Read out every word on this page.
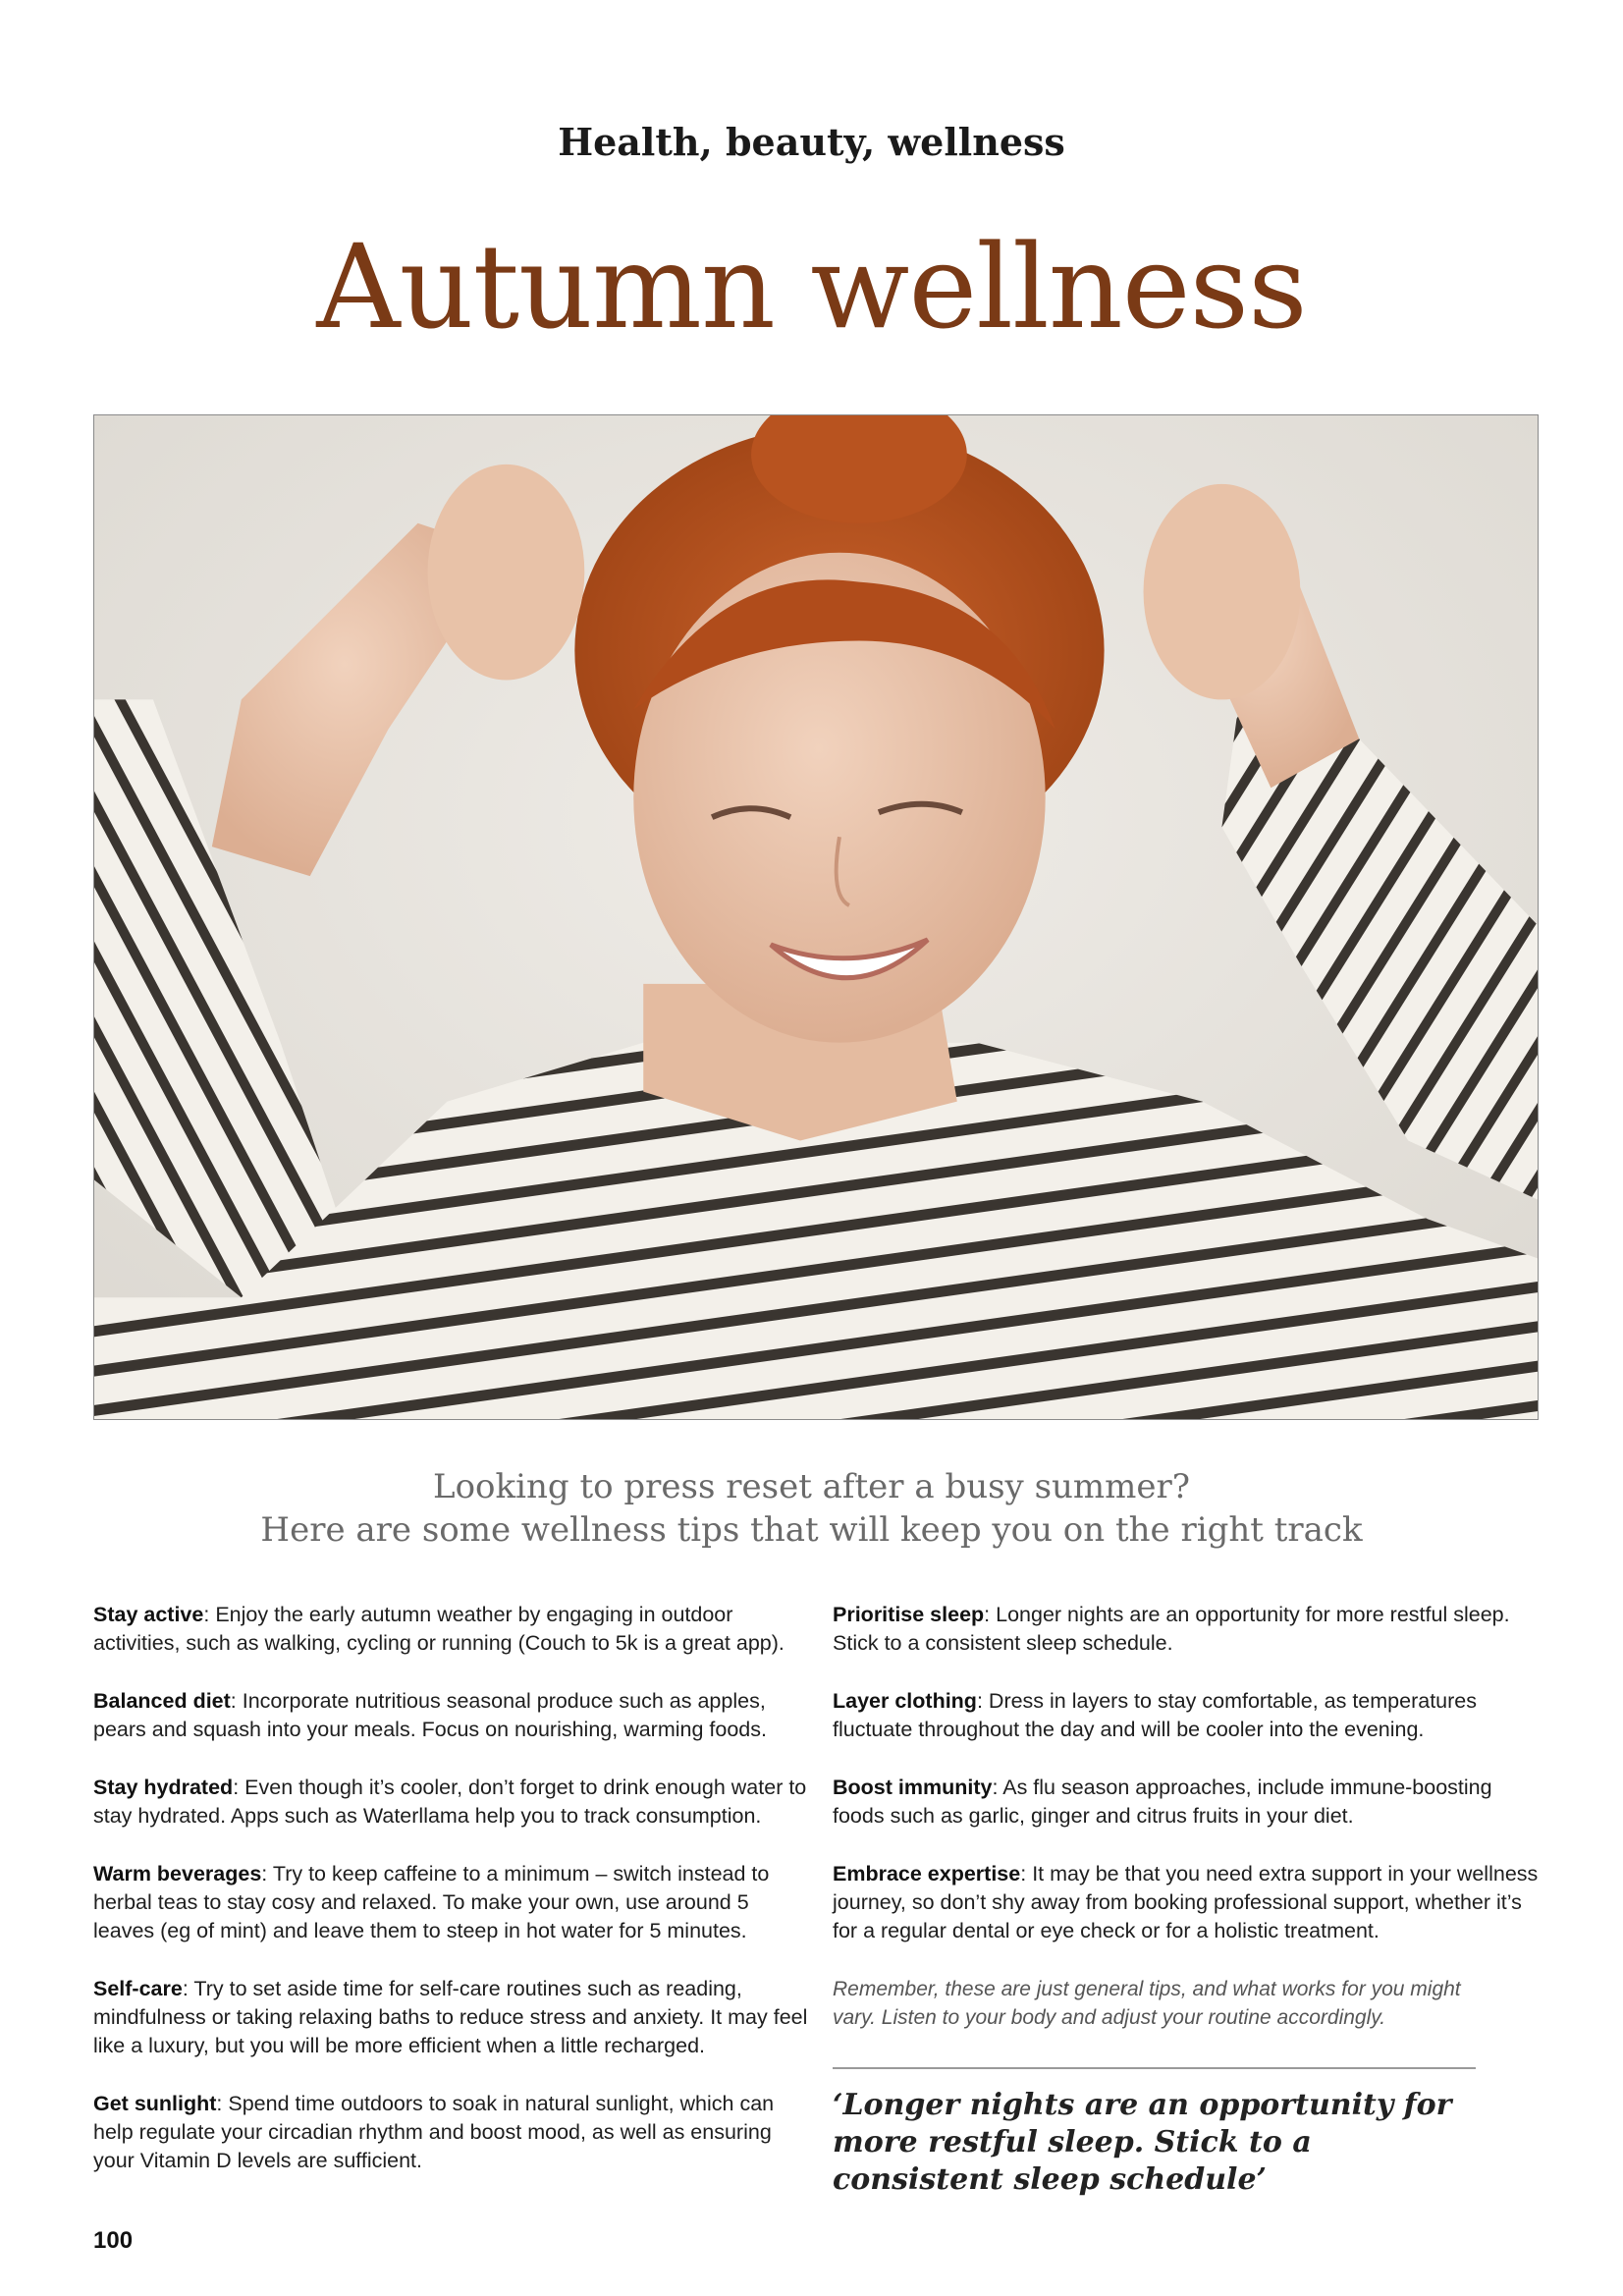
Health, beauty, wellness
Autumn wellness
Looking to press reset after a busy summer?
Here are some wellness tips that will keep you on the right track

Stay active: Enjoy the early autumn weather by engaging in outdoor activities, such as walking, cycling or running (Couch to 5k is a great app).

Balanced diet: Incorporate nutritious seasonal produce such as apples, pears and squash into your meals. Focus on nourishing, warming foods.

Stay hydrated: Even though it’s cooler, don’t forget to drink enough water to stay hydrated. Apps such as Waterllama help you to track consumption.

Warm beverages: Try to keep caffeine to a minimum – switch instead to herbal teas to stay cosy and relaxed. To make your own, use around 5 leaves (eg of mint) and leave them to steep in hot water for 5 minutes.

Self-care: Try to set aside time for self-care routines such as reading, mindfulness or taking relaxing baths to reduce stress and anxiety. It may feel like a luxury, but you will be more efficient when a little recharged.

Get sunlight: Spend time outdoors to soak in natural sunlight, which can help regulate your circadian rhythm and boost mood, as well as ensuring your Vitamin D levels are sufficient.

Prioritise sleep: Longer nights are an opportunity for more restful sleep. Stick to a consistent sleep schedule.

Layer clothing: Dress in layers to stay comfortable, as temperatures fluctuate throughout the day and will be cooler into the evening.

Boost immunity: As flu season approaches, include immune-boosting foods such as garlic, ginger and citrus fruits in your diet.

Embrace expertise: It may be that you need extra support in your wellness journey, so don’t shy away from booking professional support, whether it’s for a regular dental or eye check or for a holistic treatment.

Remember, these are just general tips, and what works for you might vary. Listen to your body and adjust your routine accordingly.

‘Longer nights are an opportunity for more restful sleep. Stick to a consistent sleep schedule’
100
